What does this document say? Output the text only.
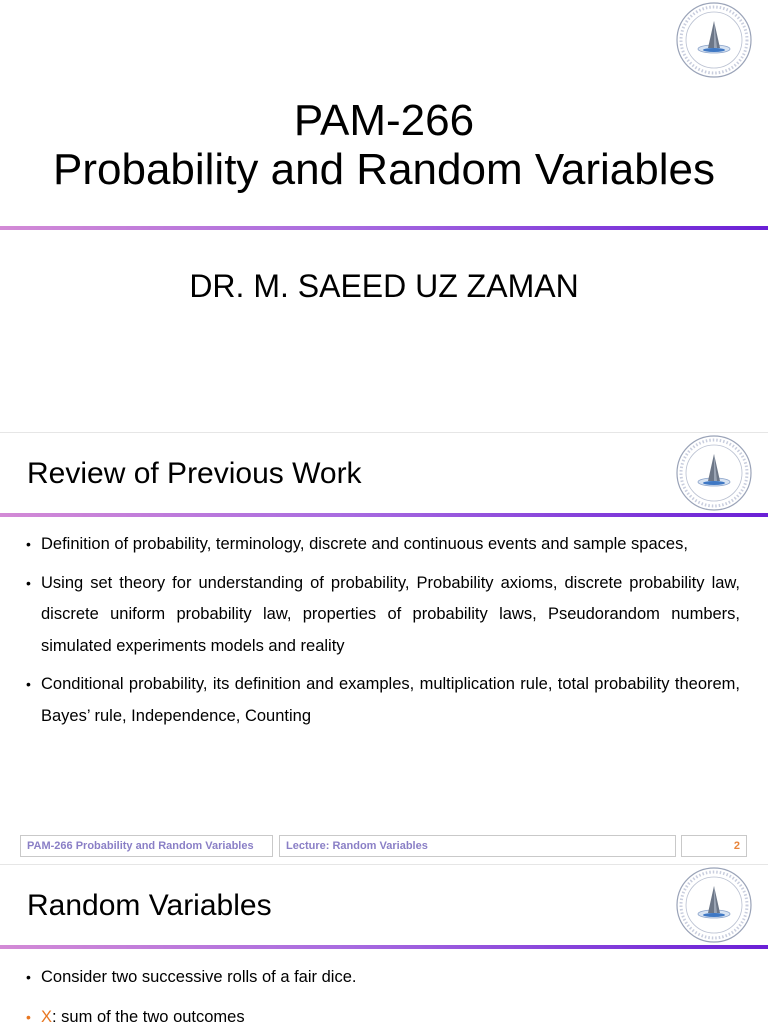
PAM-266
Probability and Random Variables
DR. M. SAEED UZ ZAMAN
Review of Previous Work
• Definition of probability, terminology, discrete and continuous events and sample spaces,
• Using set theory for understanding of probability, Probability axioms, discrete probability law, discrete uniform probability law, properties of probability laws, Pseudorandom numbers, simulated experiments models and reality
• Conditional probability, its definition and examples, multiplication rule, total probability theorem, Bayes’ rule, Independence, Counting
PAM-266 Probability and Random Variables	Lecture: Random Variables	2
Random Variables
• Consider two successive rolls of a fair dice.
• X: sum of the two outcomes
